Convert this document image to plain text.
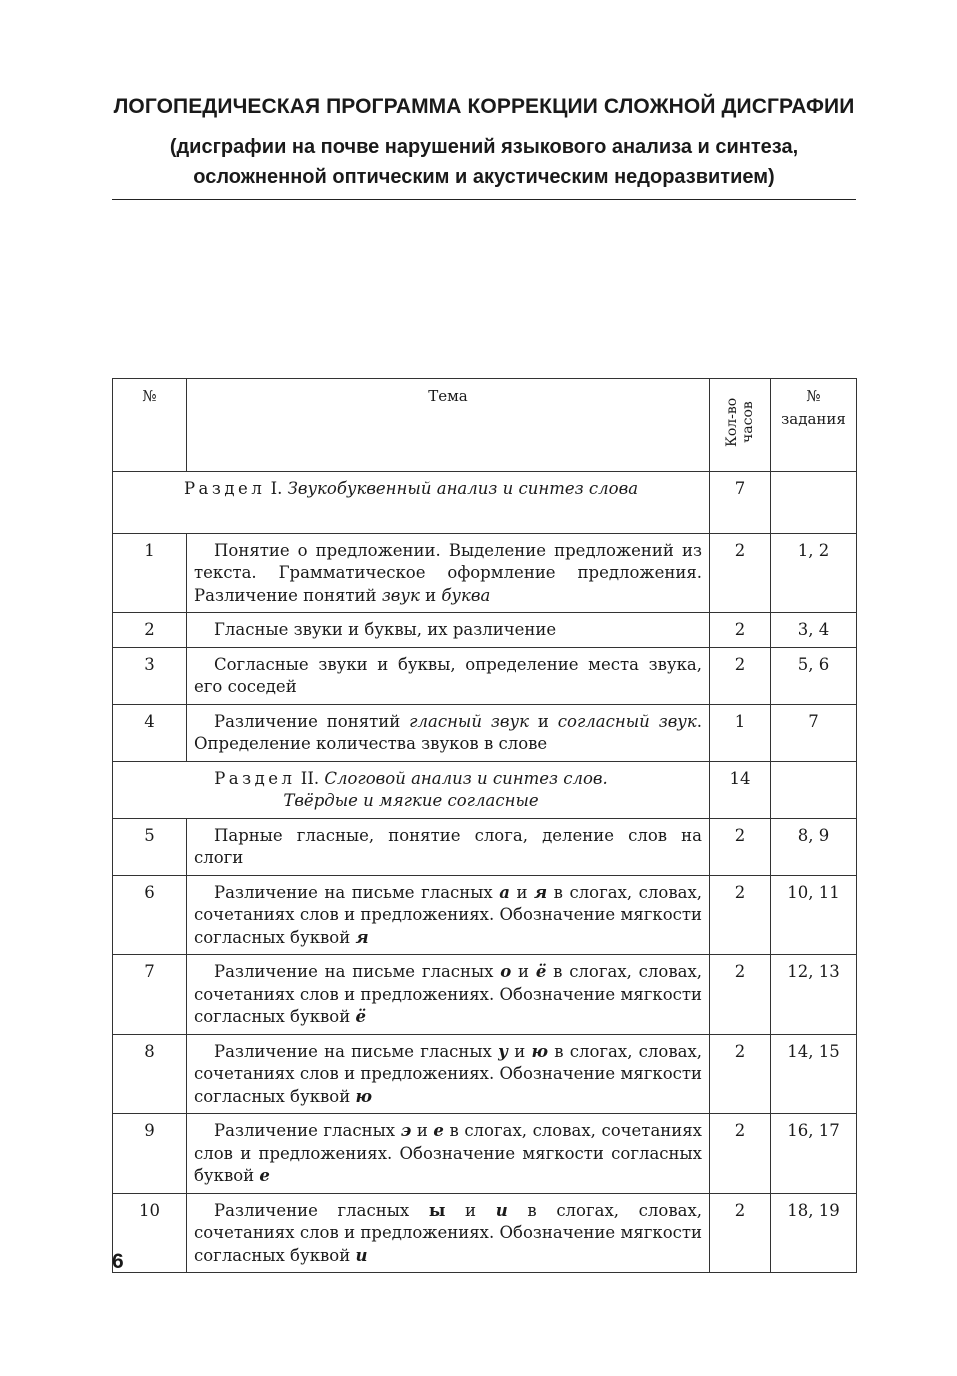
ЛОГОПЕДИЧЕСКАЯ ПРОГРАММА КОРРЕКЦИИ СЛОЖНОЙ ДИСГРАФИИ
(дисграфии на почве нарушений языкового анализа и синтеза,
осложненной оптическим и акустическим недоразвитием)
№	Тема	Кол-во часов	№
задания

Раздел I. Звукобуквенный анализ и синтез слова		7	
1	Понятие о предложении. Выделение предложений из текста. Грамматическое оформление предложения. Различение понятий звук и буква	2	1, 2
2	Гласные звуки и буквы, их различение	2	3, 4
3	Согласные звуки и буквы, определение места звука, его соседей	2	5, 6
4	Различение понятий гласный звук и согласный звук. Определение количества звуков в слове	1	7

Раздел II. Слоговой анализ и синтез слов.
Твёрдые и мягкие согласные		14	
5	Парные гласные, понятие слога, деление слов на слоги	2	8, 9
6	Различение на письме гласных а и я в слогах, словах, сочетаниях слов и предложениях. Обозначение мягкости согласных буквой я	2	10, 11
7	Различение на письме гласных о и ё в слогах, словах, сочетаниях слов и предложениях. Обозначение мягкости согласных буквой ё	2	12, 13
8	Различение на письме гласных у и ю в слогах, словах, сочетаниях слов и предложениях. Обозначение мягкости согласных буквой ю	2	14, 15
9	Различение гласных э и е в слогах, словах, сочетаниях слов и предложениях. Обозначение мягкости согласных буквой е	2	16, 17
10	Различение гласных ы и и в слогах, словах, сочетаниях слов и предложениях. Обозначение мягкости согласных буквой и	2	18, 19
6
